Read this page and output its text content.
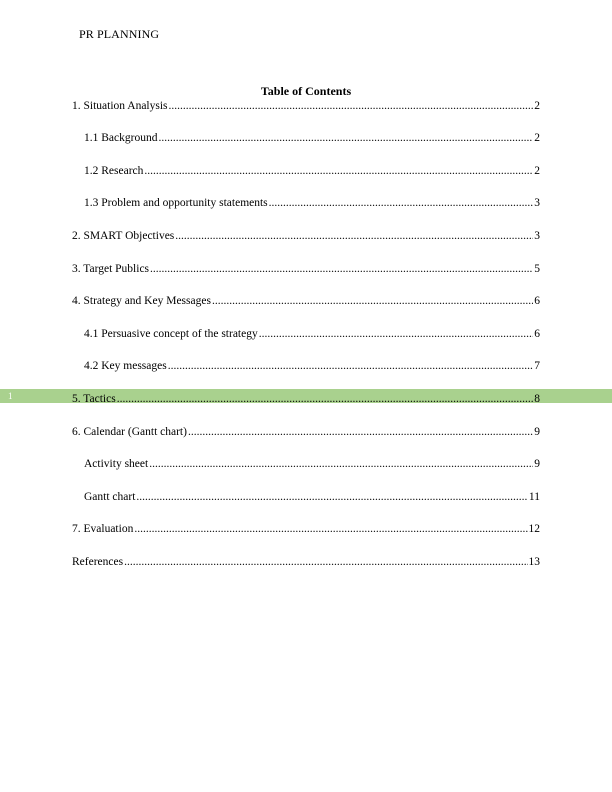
PR PLANNING
Table of Contents
1
1. Situation Analysis .....	2
1.1 Background .....	2
1.2 Research .....	2
1.3 Problem and opportunity statements .....	3
2. SMART Objectives .....	3
3. Target Publics .....	5
4. Strategy and Key Messages .....	6
4.1 Persuasive concept of the strategy .....	6
4.2 Key messages .....	7
5. Tactics .....	8
6. Calendar (Gantt chart) .....	9
Activity sheet .....	9
Gantt chart .....	11
7. Evaluation .....	12
References .....	13
